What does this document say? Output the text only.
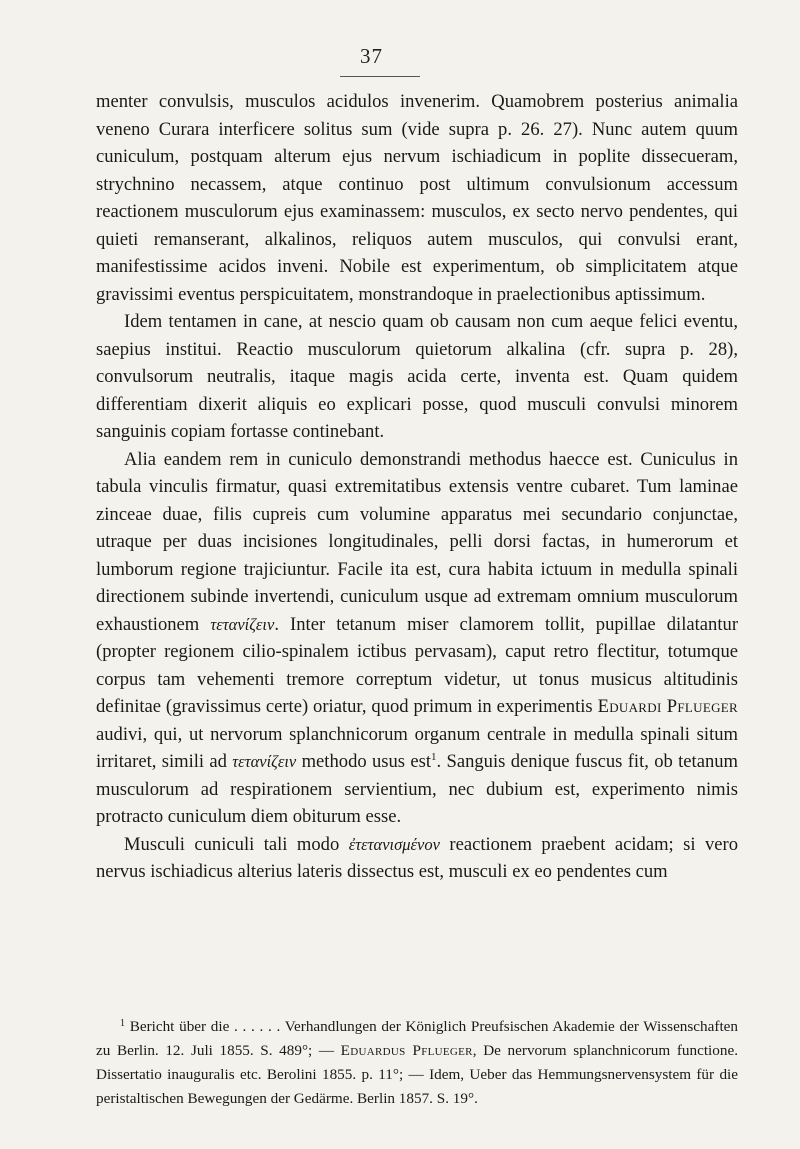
37

menter convulsis, musculos acidulos invenerim. Quamobrem posterius animalia veneno Curara interficere solitus sum (vide supra p. 26. 27). Nunc autem quum cuniculum, postquam alterum ejus nervum ischiadicum in poplite dissecueram, strychnino necassem, atque continuo post ultimum convulsionum accessum reactionem musculorum ejus examinassem: musculos, ex secto nervo pendentes, qui quieti remanserant, alkalinos, reliquos autem musculos, qui convulsi erant, manifestissime acidos inveni. Nobile est experimentum, ob simplicitatem atque gravissimi eventus perspicuitatem, monstrandoque in praelectionibus aptissimum.

Idem tentamen in cane, at nescio quam ob causam non cum aeque felici eventu, saepius institui. Reactio musculorum quietorum alkalina (cfr. supra p. 28), convulsorum neutralis, itaque magis acida certe, inventa est. Quam quidem differentiam dixerit aliquis eo explicari posse, quod musculi convulsi minorem sanguinis copiam fortasse continebant.

Alia eandem rem in cuniculo demonstrandi methodus haecce est. Cuniculus in tabula vinculis firmatur, quasi extremitatibus extensis ventre cubaret. Tum laminae zinceae duae, filis cupreis cum volumine apparatus mei secundario conjunctae, utraque per duas incisiones longitudinales, pelli dorsi factas, in humerorum et lumborum regione trajiciuntur. Facile ita est, cura habita ictuum in medulla spinali directionem subinde invertendi, cuniculum usque ad extremam omnium musculorum exhaustionem τετανίζειν. Inter tetanum miser clamorem tollit, pupillae dilatantur (propter regionem cilio-spinalem ictibus pervasam), caput retro flectitur, totumque corpus tam vehementi tremore correptum videtur, ut tonus musicus altitudinis definitae (gravissimus certe) oriatur, quod primum in experimentis Eduardi Pflueger audivi, qui, ut nervorum splanchnicorum organum centrale in medulla spinali situm irritaret, simili ad τετανίζειν methodo usus est$^1$. Sanguis denique fuscus fit, ob tetanum musculorum ad respirationem servientium, nec dubium est, experimento nimis protracto cuniculum diem obiturum esse.

Musculi cuniculi tali modo ἐτετανισμένον reactionem praebent acidam; si vero nervus ischiadicus alterius lateris dissectus est, musculi ex eo pendentes cum

$^1$ Bericht über die . . . . . . Verhandlungen der Königlich Preufsischen Akademie der Wissenschaften zu Berlin. 12. Juli 1855. S. 489°; — Eduardus Pflueger, De nervorum splanchnicorum functione. Dissertatio inauguralis etc. Berolini 1855. p. 11°; — Idem, Ueber das Hemmungsnervensystem für die peristaltischen Bewegungen der Gedärme. Berlin 1857. S. 19°.
